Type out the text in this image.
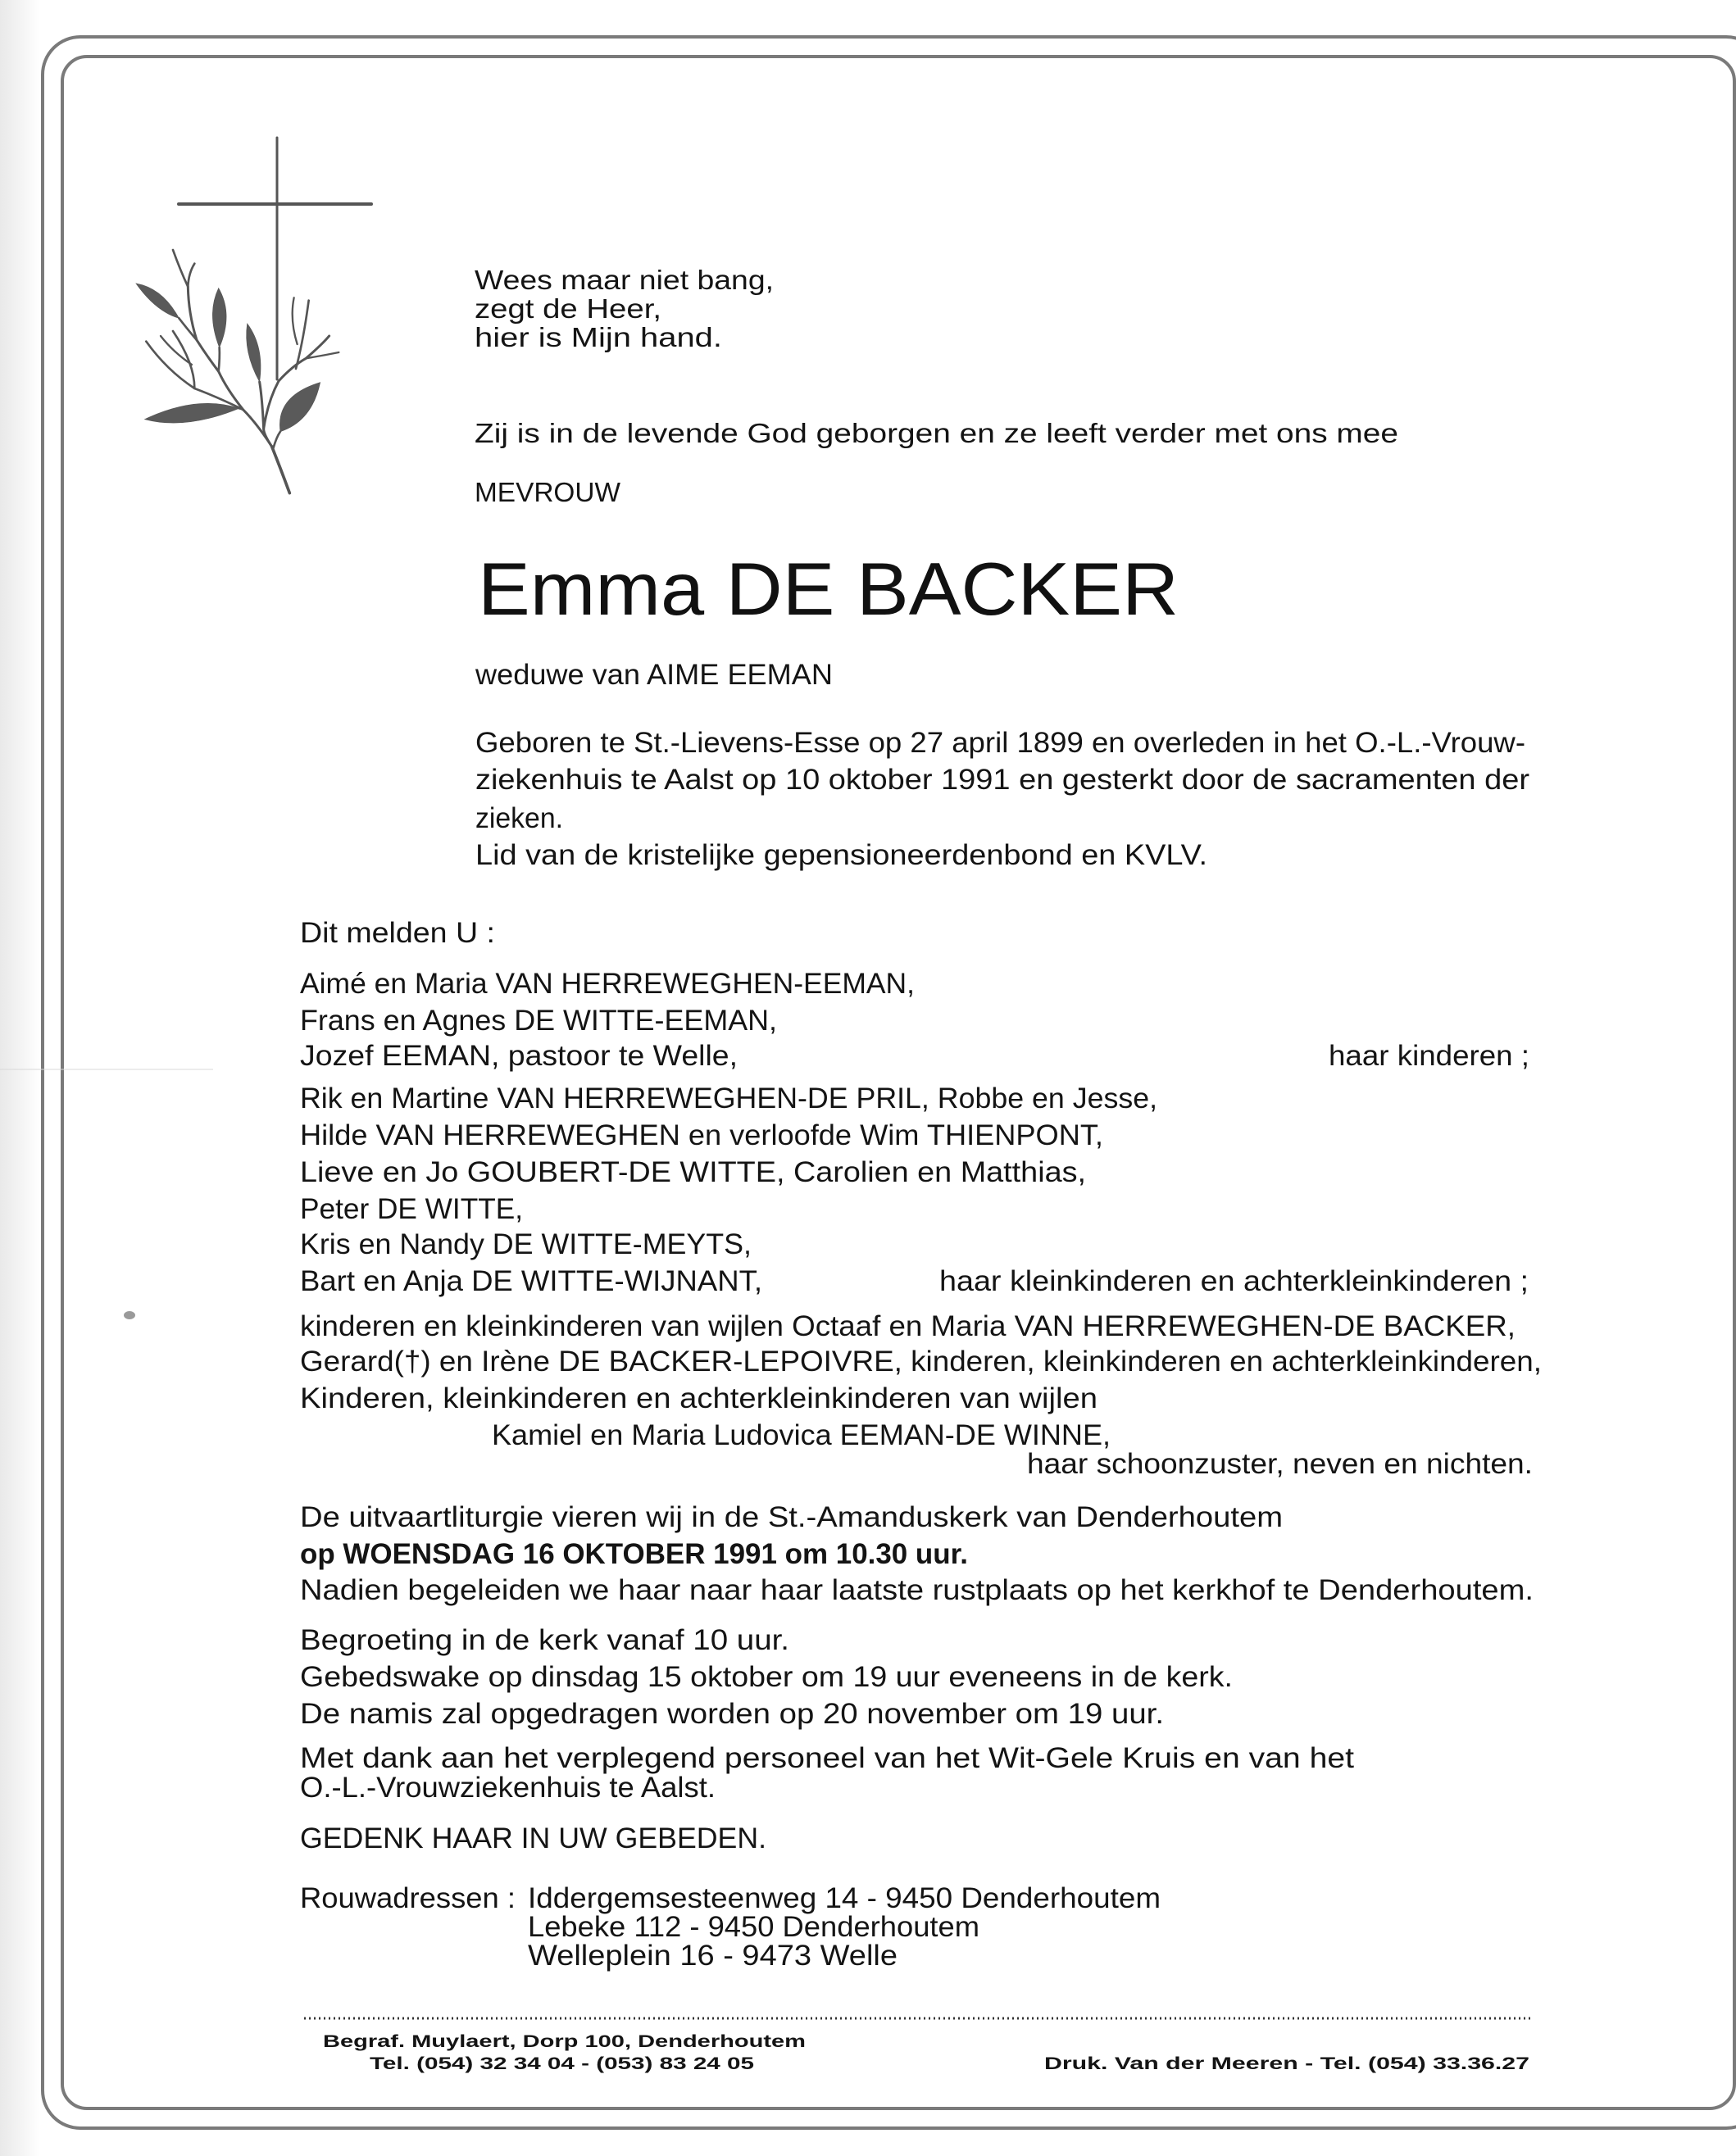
Wees maar niet bang,
zegt de Heer,
hier is Mijn hand.
Zij is in de levende God geborgen en ze leeft verder met ons mee
MEVROUW
Emma DE BACKER
weduwe van AIME EEMAN
Geboren te St.-Lievens-Esse op 27 april 1899 en overleden in het O.-L.-Vrouw-
ziekenhuis te Aalst op 10 oktober 1991 en gesterkt door de sacramenten der
zieken.
Lid van de kristelijke gepensioneerdenbond en KVLV.
Dit melden U :
Aimé en Maria VAN HERREWEGHEN-EEMAN,
Frans en Agnes DE WITTE-EEMAN,
Jozef EEMAN, pastoor te Welle,	haar kinderen ;
Rik en Martine VAN HERREWEGHEN-DE PRIL, Robbe en Jesse,
Hilde VAN HERREWEGHEN en verloofde Wim THIENPONT,
Lieve en Jo GOUBERT-DE WITTE, Carolien en Matthias,
Peter DE WITTE,
Kris en Nandy DE WITTE-MEYTS,
Bart en Anja DE WITTE-WIJNANT,	haar kleinkinderen en achterkleinkinderen ;
kinderen en kleinkinderen van wijlen Octaaf en Maria VAN HERREWEGHEN-DE BACKER,
Gerard(†) en Irène DE BACKER-LEPOIVRE, kinderen, kleinkinderen en achterkleinkinderen,
Kinderen, kleinkinderen en achterkleinkinderen van wijlen
Kamiel en Maria Ludovica EEMAN-DE WINNE,
haar schoonzuster, neven en nichten.
De uitvaartliturgie vieren wij in de St.-Amanduskerk van Denderhoutem
op WOENSDAG 16 OKTOBER 1991 om 10.30 uur.
Nadien begeleiden we haar naar haar laatste rustplaats op het kerkhof te Denderhoutem.
Begroeting in de kerk vanaf 10 uur.
Gebedswake op dinsdag 15 oktober om 19 uur eveneens in de kerk.
De namis zal opgedragen worden op 20 november om 19 uur.
Met dank aan het verplegend personeel van het Wit-Gele Kruis en van het
O.-L.-Vrouwziekenhuis te Aalst.
GEDENK HAAR IN UW GEBEDEN.
Rouwadressen : Iddergemsesteenweg 14 - 9450 Denderhoutem
Lebeke 112 - 9450 Denderhoutem
Welleplein 16 - 9473 Welle
Begraf. Muylaert, Dorp 100, Denderhoutem
Tel. (054) 32 34 04 - (053) 83 24 05	Druk. Van der Meeren - Tel. (054) 33.36.27
